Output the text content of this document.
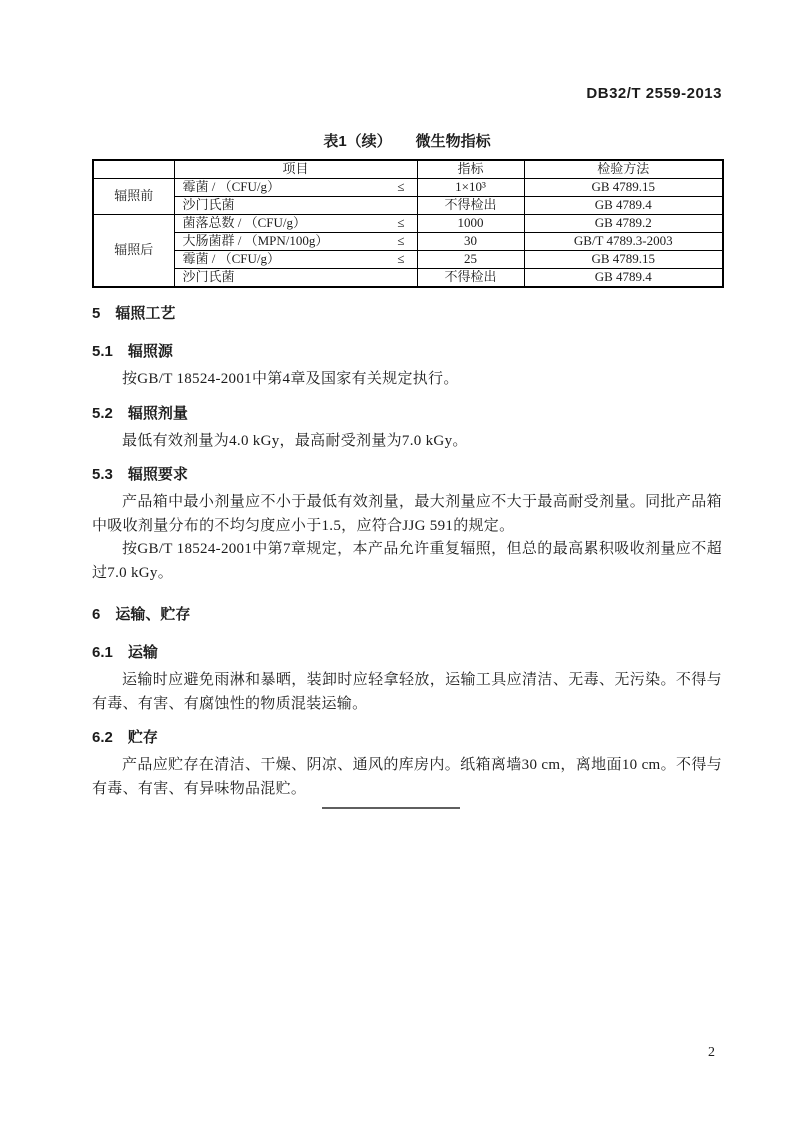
DB32/T 2559-2013
表1（续） 微生物指标
	项目	指标	检验方法
辐照前	霉菌 / （CFU/g） ≤	1×10³	GB 4789.15

	沙门氏菌	不得检出	GB 4789.4
辐照后	菌落总数 / （CFU/g） ≤	1000	GB 4789.2

	大肠菌群 / （MPN/100g） ≤	30	GB/T 4789.3-2003

	霉菌 / （CFU/g） ≤	25	GB 4789.15

	沙门氏菌	不得检出	GB 4789.4
5 辐照工艺
5.1 辐照源

按GB/T 18524-2001中第4章及国家有关规定执行。

5.2 辐照剂量

最低有效剂量为4.0 kGy，最高耐受剂量为7.0 kGy。

5.3 辐照要求

产品箱中最小剂量应不小于最低有效剂量，最大剂量应不大于最高耐受剂量。同批产品箱中吸收剂量分布的不均匀度应小于1.5，应符合JJG 591的规定。

按GB/T 18524-2001中第7章规定，本产品允许重复辐照，但总的最高累积吸收剂量应不超过7.0 kGy。

6 运输、贮存
6.1 运输

运输时应避免雨淋和暴晒，装卸时应轻拿轻放，运输工具应清洁、无毒、无污染。不得与有毒、有害、有腐蚀性的物质混装运输。

6.2 贮存

产品应贮存在清洁、干燥、阴凉、通风的库房内。纸箱离墙30 cm，离地面10 cm。不得与有毒、有害、有异味物品混贮。

2
